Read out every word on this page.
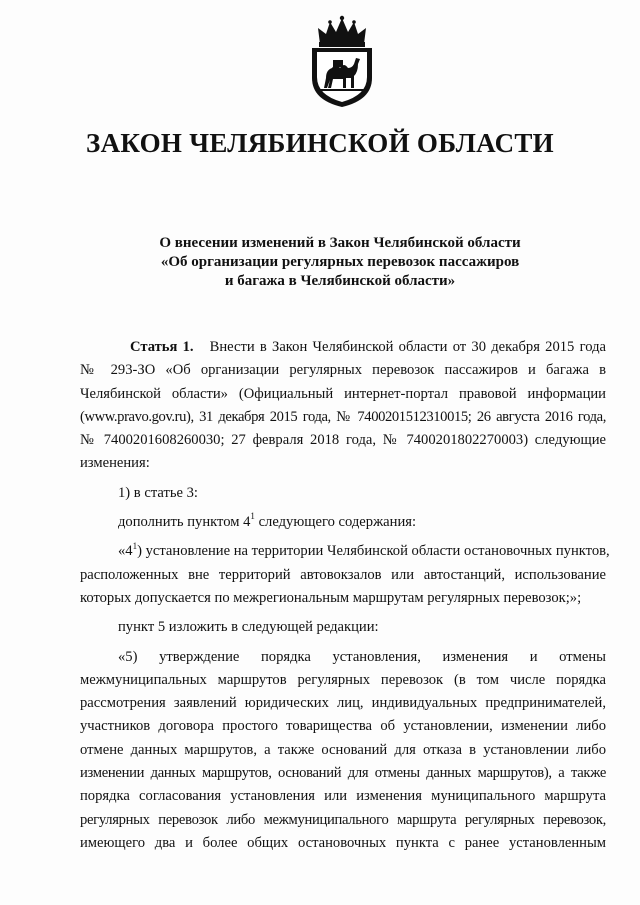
ЗАКОН ЧЕЛЯБИНСКОЙ ОБЛАСТИ
О внесении изменений в Закон Челябинской области
«Об организации регулярных перевозок пассажиров
и багажа в Челябинской области»
Статья 1. Внести в Закон Челябинской области от 30 декабря 2015 года
№ 293-ЗО «Об организации регулярных перевозок пассажиров и багажа в
Челябинской области» (Официальный интернет-портал правовой информации
(www.pravo.gov.ru), 31 декабря 2015 года, № 7400201512310015; 26 августа 2016 года,
№ 7400201608260030; 27 февраля 2018 года, № 7400201802270003) следующие
изменения:
1) в статье 3:
дополнить пунктом $4^1$ следующего содержания:
«$4^1$) установление на территории Челябинской области остановочных пунктов,
расположенных вне территорий автовокзалов или автостанций, использование
которых допускается по межрегиональным маршрутам регулярных перевозок;»;
пункт 5 изложить в следующей редакции:
«5) утверждение порядка установления, изменения и отмены
межмуниципальных маршрутов регулярных перевозок (в том числе порядка
рассмотрения заявлений юридических лиц, индивидуальных предпринимателей,
участников договора простого товарищества об установлении, изменении либо
отмене данных маршрутов, а также оснований для отказа в установлении либо
изменении данных маршрутов, оснований для отмены данных маршрутов), а также
порядка согласования установления или изменения муниципального маршрута
регулярных перевозок либо межмуниципального маршрута регулярных перевозок,
имеющего два и более общих остановочных пункта с ранее установленным
